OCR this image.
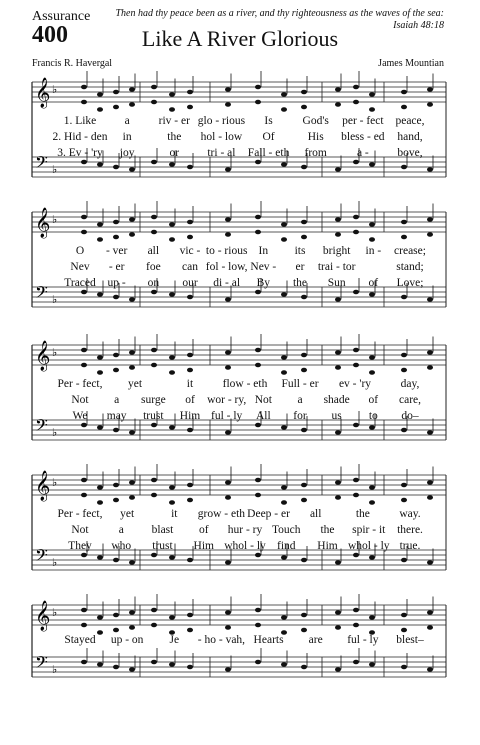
Assurance
400
Then had thy peace been as a river, and thy righteousness as the waves of the sea:
Isaiah 48:18
Like A River Glorious
Francis R. Havergal	James Mountian
𝄞
𝄢
♭
♭
1. Like a	riv - er glo - rious Is	God's per - fect peace,
2. Hid - den in	the hol - low Of	His bless - ed hand,
3. Ev - 'ry joy	or tri - al Fall - eth from	a - bove,
𝄞
𝄢
♭
♭
O - ver all vic - to - rious In its bright in - crease;
Nev - er foe can fol - low, Nev - er trai - tor	stand;
Traced up - on our di - al By the Sun of Love;
𝄞
𝄢
♭
♭
Per - fect, yet	it	flow - eth Full - er ev - 'ry	day,
Not a surge of wor - ry, Not a shade of care,
We may trust Him ful - ly All for us to do–
𝄞
𝄢
♭
♭
Per - fect, yet	it grow - eth Deep - er all	the	way.
Not	a blast of hur - ry Touch the spir - it there.
They who trust Him whol - ly find Him whol - ly true.
𝄞
𝄢
♭
♭
Stayed up - on Je - ho - vah, Hearts are ful - ly blest–
